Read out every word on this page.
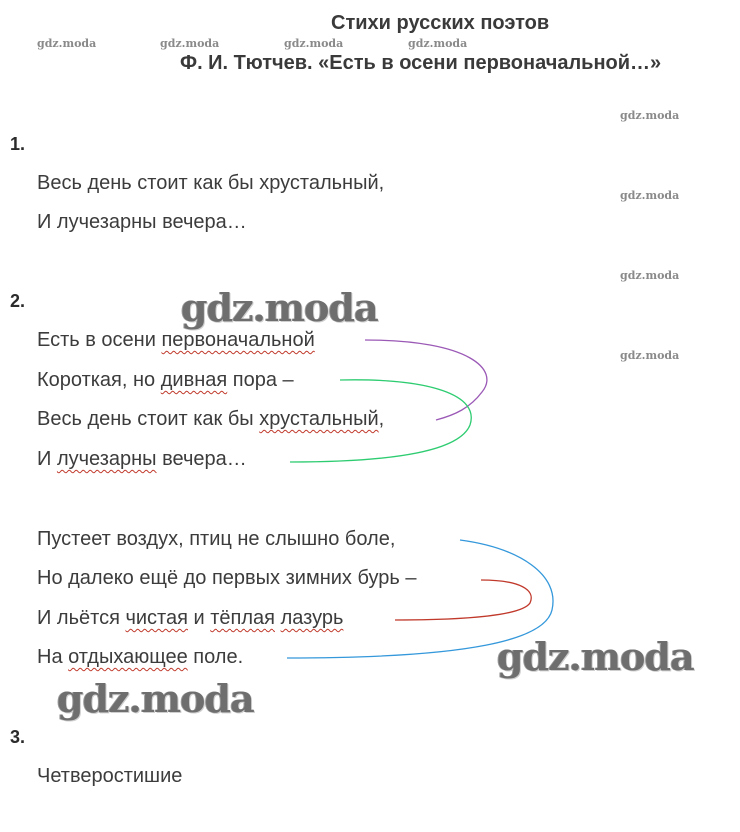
Стихи русских поэтов
Ф. И. Тютчев. «Есть в осени первоначальной…»
gdz.moda	gdz.moda	gdz.moda	gdz.moda
gdz.moda
gdz.moda
gdz.moda
gdz.moda
1.
Весь день стоит как бы хрустальный,
И лучезарны вечера…
2.	gdz.moda
Есть в осени первоначальной
Короткая, но дивная пора –
Весь день стоит как бы хрустальный,
И лучезарны вечера…
Пустеет воздух, птиц не слышно боле,
Но далеко ещё до первых зимних бурь –
И льётся чистая и тёплая лазурь
На отдыхающее поле.	gdz.moda
gdz.moda
3.
Четверостишие
